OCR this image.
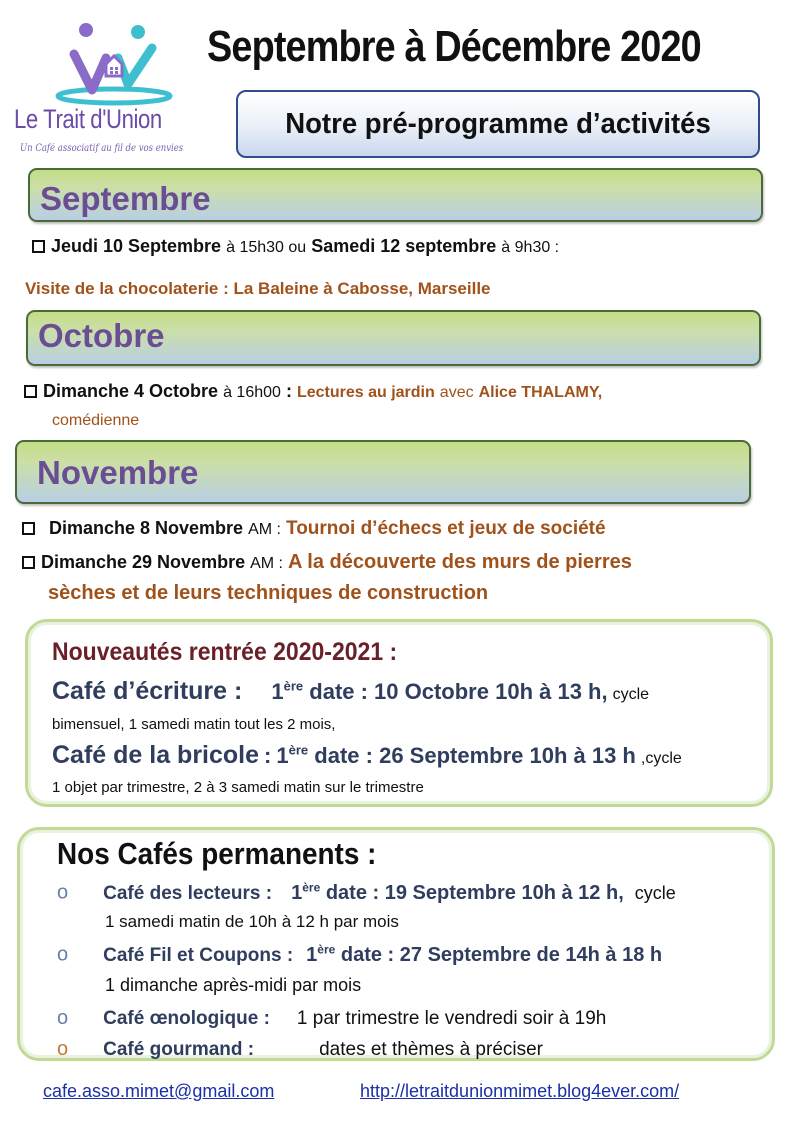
Le Trait d'Union
Un Café associatif au fil de vos envies
Septembre à Décembre 2020
Notre pré-programme d’activités
Septembre
Jeudi 10 Septembre à 15h30 ou Samedi 12 septembre à 9h30 :
Visite de la chocolaterie : La Baleine à Cabosse, Marseille
Octobre
Dimanche 4 Octobre à 16h00 : Lectures au jardin avec Alice THALAMY,
comédienne
Novembre
Dimanche 8 Novembre AM : Tournoi d’échecs et jeux de société
Dimanche 29 Novembre AM : A la découverte des murs de pierres
sèches et de leurs techniques de construction
Nouveautés rentrée 2020-2021 :
Café d’écriture : 1ère date : 10 Octobre 10h à 13 h, cycle
bimensuel, 1 samedi matin tout les 2 mois,
Café de la bricole : 1ère date : 26 Septembre 10h à 13 h ,cycle
1 objet par trimestre, 2 à 3 samedi matin sur le trimestre
Nos Cafés permanents :
o Café des lecteurs : 1ère date : 19 Septembre 10h à 12 h, cycle
1 samedi matin de 10h à 12 h par mois
o Café Fil et Coupons : 1ère date : 27 Septembre de 14h à 18 h
1 dimanche après-midi par mois
o Café œnologique : 1 par trimestre le vendredi soir à 19h
o Café gourmand :	dates et thèmes à préciser
cafe.asso.mimet@gmail.com	http://letraitdunionmimet.blog4ever.com/
